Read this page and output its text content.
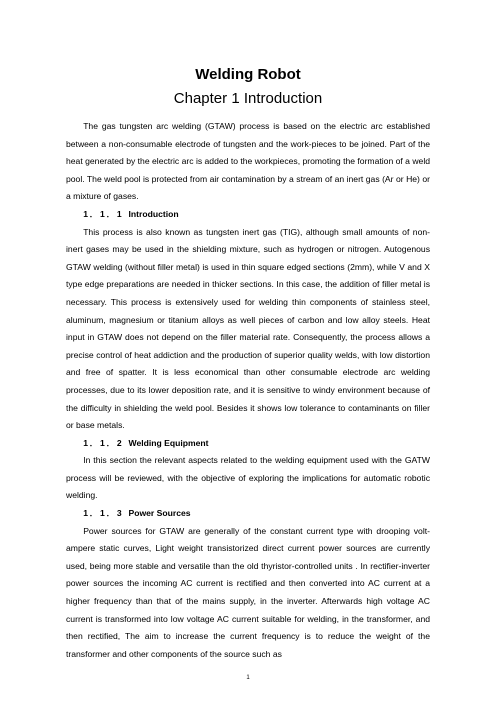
Welding Robot
Chapter 1 Introduction

The gas tungsten arc welding (GTAW) process is based on the electric arc established between a non-consumable electrode of tungsten and the work-pieces to be joined. Part of the heat generated by the electric arc is added to the workpieces, promoting the formation of a weld pool. The weld pool is protected from air contamination by a stream of an inert gas (Ar or He) or a mixture of gases.

1．1．1 Introduction

This process is also known as tungsten inert gas (TIG), although small amounts of non-inert gases may be used in the shielding mixture, such as hydrogen or nitrogen. Autogenous GTAW welding (without filler metal) is used in thin square edged sections (2mm), while V and X type edge preparations are needed in thicker sections. In this case, the addition of filler metal is necessary. This process is extensively used for welding thin components of stainless steel, aluminum, magnesium or titanium alloys as well pieces of carbon and low alloy steels. Heat input in GTAW does not depend on the filler material rate. Consequently, the process allows a precise control of heat addiction and the production of superior quality welds, with low distortion and free of spatter. It is less economical than other consumable electrode arc welding processes, due to its lower deposition rate, and it is sensitive to windy environment because of the difficulty in shielding the weld pool. Besides it shows low tolerance to contaminants on filler or base metals.

1．1．2 Welding Equipment

In this section the relevant aspects related to the welding equipment used with the GATW process will be reviewed, with the objective of exploring the implications for automatic robotic welding.

1．1．3 Power Sources

Power sources for GTAW are generally of the constant current type with drooping volt-ampere static curves, Light weight transistorized direct current power sources are currently used, being more stable and versatile than the old thyristor-controlled units . In rectifier-inverter power sources the incoming AC current is rectified and then converted into AC current at a higher frequency than that of the mains supply, in the inverter. Afterwards high voltage AC current is transformed into low voltage AC current suitable for welding, in the transformer, and then rectified, The aim to increase the current frequency is to reduce the weight of the transformer and other components of the source such as

1
